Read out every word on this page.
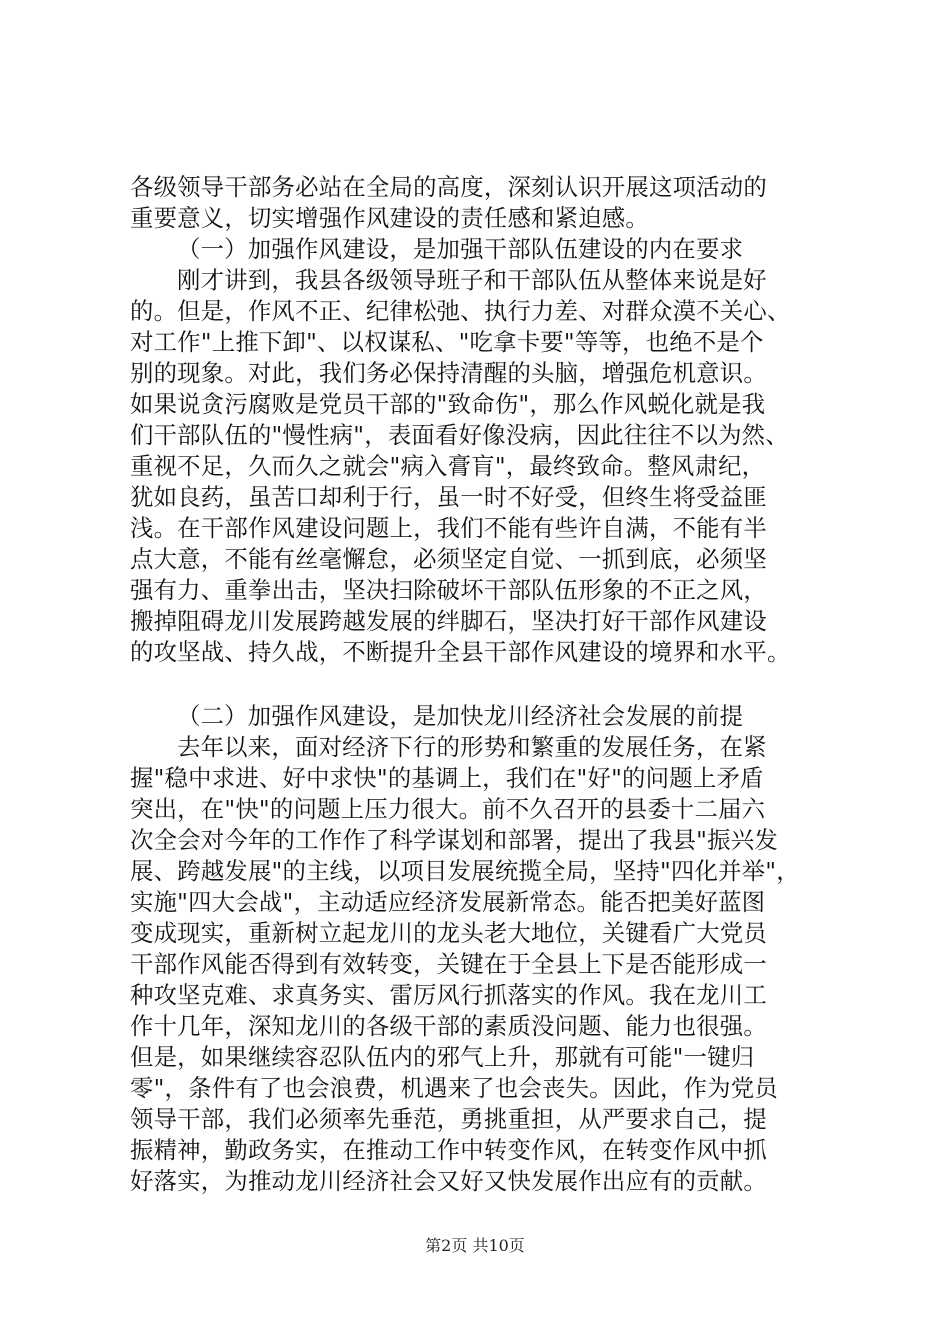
各级领导干部务必站在全局的高度，深刻认识开展这项活动的
重要意义，切实增强作风建设的责任感和紧迫感。
（一）加强作风建设，是加强干部队伍建设的内在要求
刚才讲到，我县各级领导班子和干部队伍从整体来说是好
的。但是，作风不正、纪律松弛、执行力差、对群众漠不关心、
对工作"上推下卸"、以权谋私、"吃拿卡要"等等，也绝不是个
别的现象。对此，我们务必保持清醒的头脑，增强危机意识。
如果说贪污腐败是党员干部的"致命伤"，那么作风蜕化就是我
们干部队伍的"慢性病"，表面看好像没病，因此往往不以为然、
重视不足，久而久之就会"病入膏肓"，最终致命。整风肃纪，
犹如良药，虽苦口却利于行，虽一时不好受，但终生将受益匪
浅。在干部作风建设问题上，我们不能有些许自满，不能有半
点大意，不能有丝毫懈怠，必须坚定自觉、一抓到底，必须坚
强有力、重拳出击，坚决扫除破坏干部队伍形象的不正之风，
搬掉阻碍龙川发展跨越发展的绊脚石，坚决打好干部作风建设
的攻坚战、持久战，不断提升全县干部作风建设的境界和水平。
（二）加强作风建设，是加快龙川经济社会发展的前提
去年以来，面对经济下行的形势和繁重的发展任务，在紧
握"稳中求进、好中求快"的基调上，我们在"好"的问题上矛盾
突出，在"快"的问题上压力很大。前不久召开的县委十二届六
次全会对今年的工作作了科学谋划和部署，提出了我县"振兴发
展、跨越发展"的主线，以项目发展统揽全局，坚持"四化并举"，
实施"四大会战"，主动适应经济发展新常态。能否把美好蓝图
变成现实，重新树立起龙川的龙头老大地位，关键看广大党员
干部作风能否得到有效转变，关键在于全县上下是否能形成一
种攻坚克难、求真务实、雷厉风行抓落实的作风。我在龙川工
作十几年，深知龙川的各级干部的素质没问题、能力也很强。
但是，如果继续容忍队伍内的邪气上升，那就有可能"一键归
零"，条件有了也会浪费，机遇来了也会丧失。因此，作为党员
领导干部，我们必须率先垂范，勇挑重担，从严要求自己，提
振精神，勤政务实，在推动工作中转变作风，在转变作风中抓
好落实，为推动龙川经济社会又好又快发展作出应有的贡献。
第2页 共10页
